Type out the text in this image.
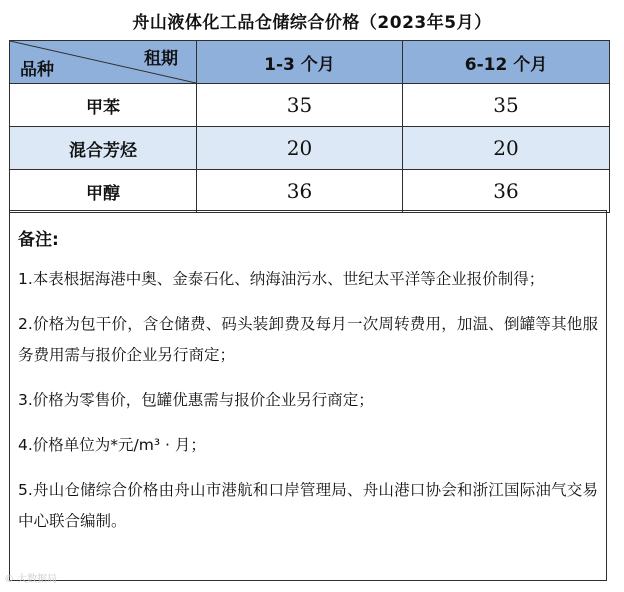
舟山液体化工品仓储综合价格（2023年5月）
租期
品种	1-3 个月	6-12 个月
甲苯	35	35
混合芳烃	20	20
甲醇	36	36
备注:

1.本表根据海港中奥、金泰石化、纳海油污水、世纪太平洋等企业报价制得；

2.价格为包干价，含仓储费、码头装卸费及每月一次周转费用，加温、倒罐等其他服务费用需与报价企业另行商定；

3.价格为零售价，包罐优惠需与报价企业另行商定；

4.价格单位为*元/m³ · 月；

5.舟山仓储综合价格由舟山市港航和口岸管理局、舟山港口协会和浙江国际油气交易中心联合编制。

© 大数据局
